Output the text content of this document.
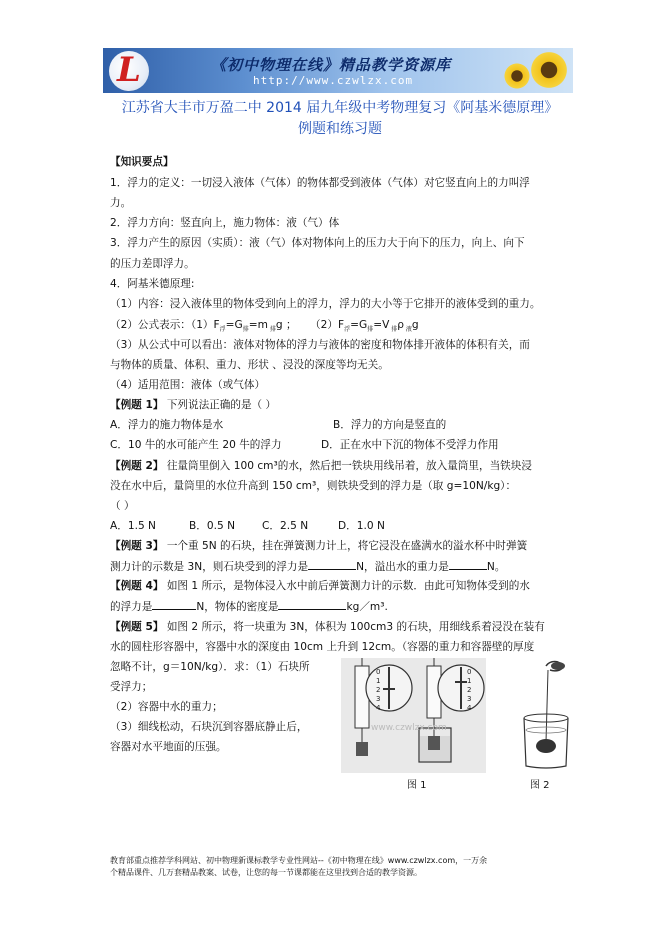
L	《初中物理在线》精品教学资源库
http://www.czwlzx.com
江苏省大丰市万盈二中 2014 届九年级中考物理复习《阿基米德原理》
例题和练习题
【知识要点】
1．浮力的定义：一切浸入液体（气体）的物体都受到液体（气体）对它竖直向上的力叫浮
力。
2．浮力方向：竖直向上，施力物体：液（气）体
3．浮力产生的原因（实质）：液（气）体对物体向上的压力大于向下的压力，向上、向下
的压力差即浮力。
4．阿基米德原理:
（1）内容：浸入液体里的物体受到向上的浮力，浮力的大小等于它排开的液体受到的重力。
（2）公式表示：$(1)F_浮=G_排=m$ $_排$g ；    $(2)F_浮=G_排=V$ $_排$ρ $_液$g
（3）从公式中可以看出：液体对物体的浮力与液体的密度和物体排开液体的体积有关，而
与物体的质量、体积、重力、形状 、浸没的深度等均无关。
（4）适用范围：液体（或气体）
【例题 1】 下列说法正确的是（ ）
A．浮力的施力物体是水	B．浮力的方向是竖直的
C．10 牛的水可能产生 20 牛的浮力	D．正在水中下沉的物体不受浮力作用
【例题 2】 往量筒里倒入 100 cm³的水，然后把一铁块用线吊着，放入量筒里，当铁块浸
没在水中后，量筒里的水位升高到 150 cm³，则铁块受到的浮力是（取 g=10N/kg）：
（ ）
A．1.5 N	B．0.5 N	C．2.5 N	D．1.0 N
【例题 3】 一个重 5N 的石块，挂在弹簧测力计上，将它浸没在盛满水的溢水杯中时弹簧
测力计的示数是 3N，则石块受到的浮力是	N，溢出水的重力是	N。
【例题 4】 如图 1 所示，是物体浸入水中前后弹簧测力计的示数．由此可知物体受到的水
的浮力是	N，物体的密度是	kg／m³.
【例题 5】 如图 2 所示，将一块重为 3N，体积为 100cm3 的石块，用细线系着浸没在装有
水的圆柱形容器中，容器中水的深度由 10cm 上升到 12cm。（容器的重力和容器壁的厚度
忽略不计，g＝10N/kg）．求：（1）石块所
受浮力；
（2）容器中水的重力；
（3）细线松动，石块沉到容器底静止后，
容器对水平地面的压强。
0
1
2
3
4
0
1
2
3
4
www.czwlzx.com
图 1	图 2
教育部重点推荐学科网站、初中物理新课标教学专业性网站--《初中物理在线》www.czwlzx.com，一万余
个精品课件、几万套精品教案、试卷，让您的每一节课都能在这里找到合适的教学资源。
